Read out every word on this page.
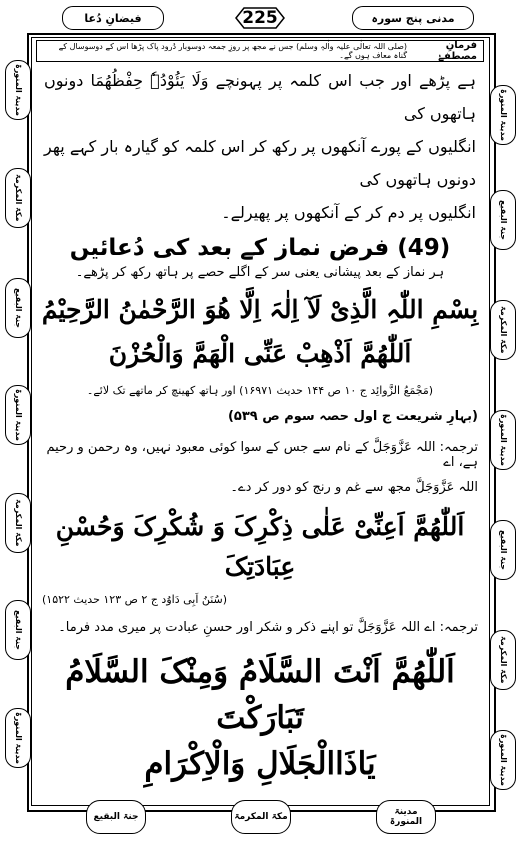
مدنی پنج سورہ
225
فیضانِ دُعا
مدینۃ المنورۃ
مکۃ المکرمۃ
جنۃ البقیع
مدینۃ المنورۃ
مکۃ المکرمۃ
جنۃ البقیع
مدینۃ المنورۃ
مدینۃ المنورۃ
جنۃ البقیع
مکۃ المکرمۃ
مدینۃ المنورۃ
جنۃ البقیع
مکۃ المکرمۃ
مدینۃ المنورۃ
فرمانِ مصطفےٰ
(صلی اللہ تعالٰی علیہ واٰلہٖ وسلم) جس نے مجھ پر روزِ جمعہ دوسوبار دُرود پاک پڑھا اس کے دوسوسال کے گناہ معاف ہوں گے۔
ہے پڑھے اور جب اس کلمہ پر پہونچے وَلَا یَئُوْدُہٗ حِفْظُھُمَا دونوں ہاتھوں کی
انگلیوں کے پورے آنکھوں پر رکھ کر اس کلمہ کو گیارہ بار کہے پھر دونوں ہاتھوں کی
انگلیوں پر دم کر کے آنکھوں پر پھیرلے۔
(49) فرض نماز کے بعد کی دُعائیں
ہر نماز کے بعد پیشانی یعنی سر کے اگلے حصے پر ہاتھ رکھ کر پڑھے۔
بِسْمِ اللّٰہِ الَّذِیْ لَآ اِلٰہَ اِلَّا ھُوَ الرَّحْمٰنُ الرَّحِیْمُ
اَللّٰھُمَّ اَذْھِبْ عَنِّی الْھَمَّ وَالْحُزْنَ
(مَجْمَعُ الزَّوائِد ج ۱۰ ص ۱۴۴ حدیث ۱۶۹۷۱) اور ہاتھ کھینچ کر ماتھے تک لائے۔
(بہارِ شریعت ج اول حصہ سوم ص ۵۳۹)
ترجمہ: اللہ عَزَّوَجَلَّ کے نام سے جس کے سوا کوئی معبود نہیں، وہ رحمن و رحیم ہے، اے
اللہ عَزَّوَجَلَّ مجھ سے غم و رنج کو دور کر دے۔
اَللّٰھُمَّ اَعِنِّیْ عَلٰی ذِکْرِکَ وَ شُکْرِکَ وَحُسْنِ عِبَادَتِکَ
(سُنَنُ اَبِی دَاوُد ج ۲ ص ۱۲۳ حدیث ۱۵۲۲)
ترجمہ: اے اللہ عَزَّوَجَلَّ تو اپنے ذکر و شکر اور حسنِ عبادت پر میری مدد فرما۔
اَللّٰھُمَّ اَنْتَ السَّلَامُ وَمِنْکَ السَّلَامُ تَبَارَکْتَ
یَاذَاالْجَلَالِ وَالْاِکْرَامِ
جنۃ البقیع	مکۃ المکرمۃ
مدینۃ المنورۃ
